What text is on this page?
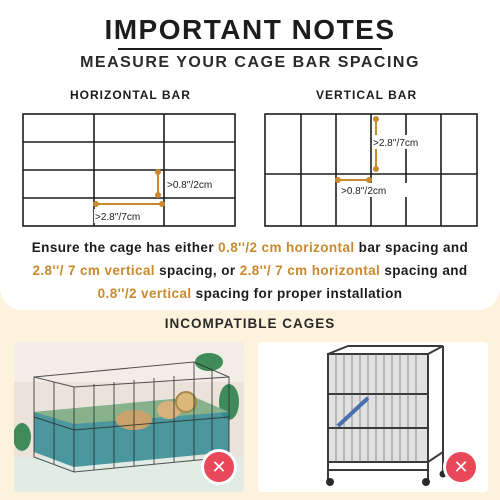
IMPORTANT NOTES
MEASURE YOUR CAGE BAR SPACING
HORIZONTAL BAR
>0.8''/2cm
>2.8''/7cm
VERTICAL BAR
>2.8''/7cm
>0.8''/2cm
Ensure the cage has either 0.8''/2 cm horizontal bar spacing and 2.8''/ 7 cm vertical spacing, or 2.8''/ 7 cm horizontal spacing and 0.8''/2 vertical spacing for proper installation
INCOMPATIBLE CAGES
✕	✕
